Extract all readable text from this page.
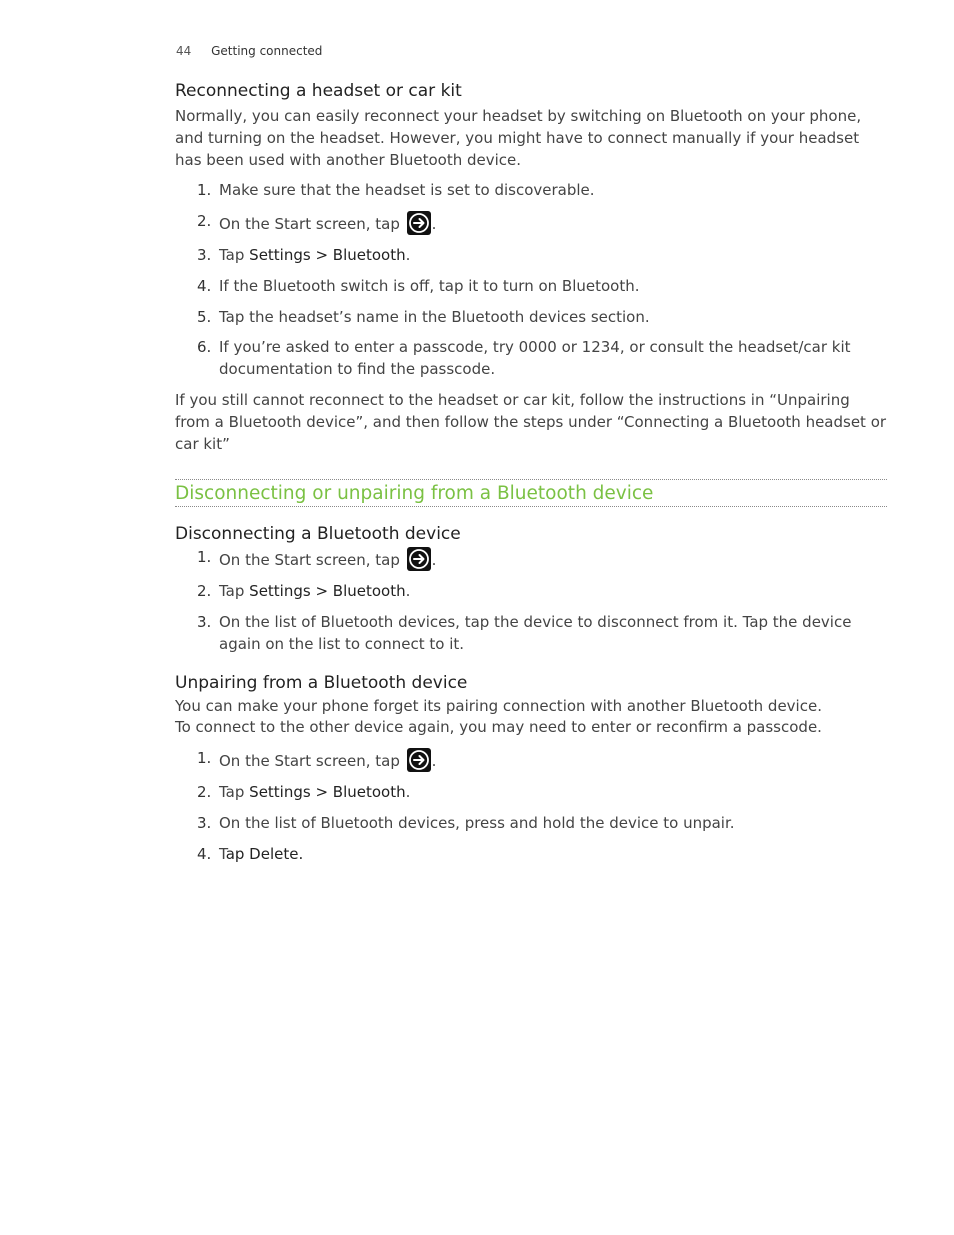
44 Getting connected
Reconnecting a headset or car kit

Normally, you can easily reconnect your headset by switching on Bluetooth on your phone, and turning on the headset. However, you might have to connect manually if your headset has been used with another Bluetooth device.

1. Make sure that the headset is set to discoverable.
2. On the Start screen, tap
.
3. Tap Settings > Bluetooth.
4. If the Bluetooth switch is off, tap it to turn on Bluetooth.
5. Tap the headset’s name in the Bluetooth devices section.
6. If you’re asked to enter a passcode, try 0000 or 1234, or consult the headset/car kit documentation to find the passcode.

If you still cannot reconnect to the headset or car kit, follow the instructions in “Unpairing from a Bluetooth device”, and then follow the steps under “Connecting a Bluetooth headset or car kit”

Disconnecting or unpairing from a Bluetooth device
Disconnecting a Bluetooth device
1. On the Start screen, tap
.
2. Tap Settings > Bluetooth.
3. On the list of Bluetooth devices, tap the device to disconnect from it. Tap the device again on the list to connect to it.
Unpairing from a Bluetooth device

You can make your phone forget its pairing connection with another Bluetooth device.

To connect to the other device again, you may need to enter or reconfirm a passcode.

1. On the Start screen, tap
.
2. Tap Settings > Bluetooth.
3. On the list of Bluetooth devices, press and hold the device to unpair.
4. Tap Delete.
